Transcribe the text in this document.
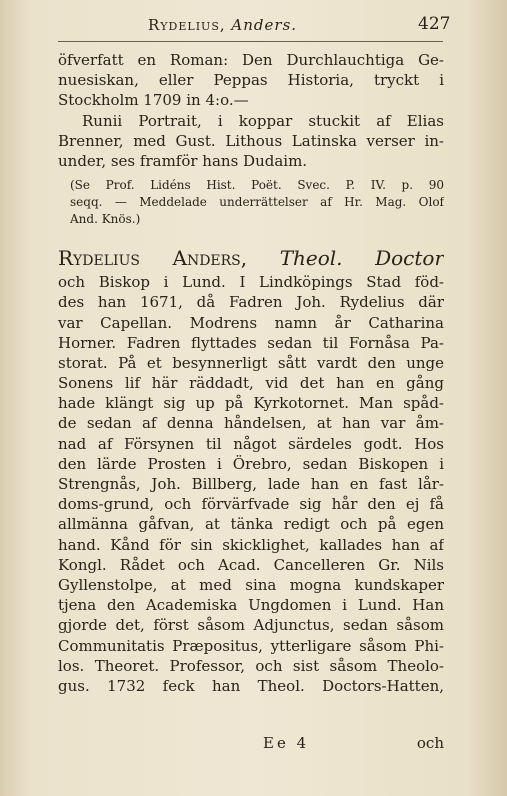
Rydelius, Anders.	427
öfverfatt en Roman: Den Durchlauchtiga Ge-
nuesiskan, eller Peppas Historia, tryckt i
Stockholm 1709 in 4:o.—
Runii Portrait, i koppar stuckit af Elias
Brenner, med Gust. Lithous Latinska verser in-
under, ses framför hans Dudaim.
(Se Prof. Lidéns Hist. Poët. Svec. P. IV. p. 90
seqq. — Meddelade underrättelser af Hr. Mag. Olof
And. Knös.)
Rydelius Anders, Theol. Doctor
och Biskop i Lund. I Lindköpings Stad föd-
des han 1671, då Fadren Joh. Rydelius där
var Capellan. Modrens namn år Catharina
Horner. Fadren flyttades sedan til Fornåsa Pa-
storat. På et besynnerligt sått vardt den unge
Sonens lif här räddadt, vid det han en gång
hade klängt sig up på Kyrkotornet. Man spåd-
de sedan af denna håndelsen, at han var åm-
nad af Försynen til något särdeles godt. Hos
den lärde Prosten i Örebro, sedan Biskopen i
Strengnås, Joh. Billberg, lade han en fast lår-
doms-grund, och förvärfvade sig hår den ej få
allmänna gåfvan, at tänka redigt och på egen
hand. Kånd för sin skicklighet, kallades han af
Kongl. Rådet och Acad. Cancelleren Gr. Nils
Gyllenstolpe, at med sina mogna kundskaper
tjena den Academiska Ungdomen i Lund. Han
gjorde det, först såsom Adjunctus, sedan såsom
Communitatis Præpositus, ytterligare såsom Phi-
los. Theoret. Professor, och sist såsom Theolo-
gus. 1732 feck han Theol. Doctors-Hatten,
Ee 4	och
